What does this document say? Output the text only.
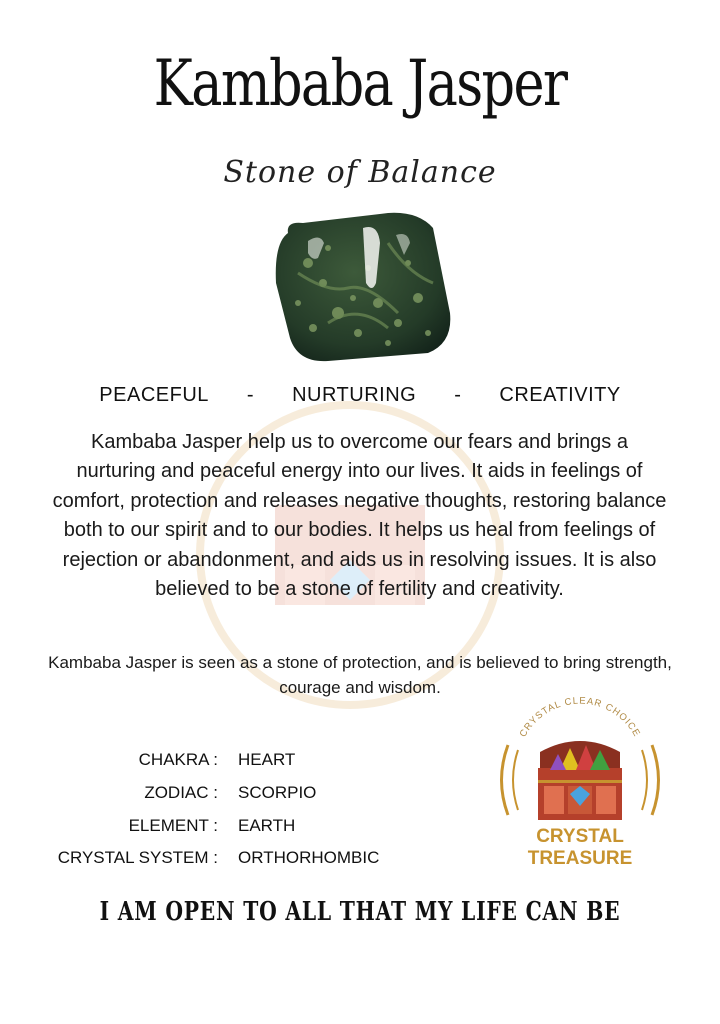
Kambaba Jasper
Stone of Balance
PEACEFUL	-	NURTURING	-	CREATIVITY
Kambaba Jasper help us to overcome our fears and brings a nurturing and peaceful energy into our lives. It aids in feelings of comfort, protection and releases negative thoughts, restoring balance both to our spirit and to our bodies. It helps us heal from feelings of rejection or abandonment, and aids us in resolving issues. It is also believed to be a stone of fertility and creativity.
Kambaba Jasper is seen as a stone of protection, and is believed to bring strength, courage and wisdom.
CHAKRA :	HEART
ZODIAC :	SCORPIO
ELEMENT :	EARTH
CRYSTAL SYSTEM :	ORTHORHOMBIC
CRYSTAL CLEAR CHOICE
CRYSTAL
TREASURE
I AM OPEN TO ALL THAT MY LIFE CAN BE
